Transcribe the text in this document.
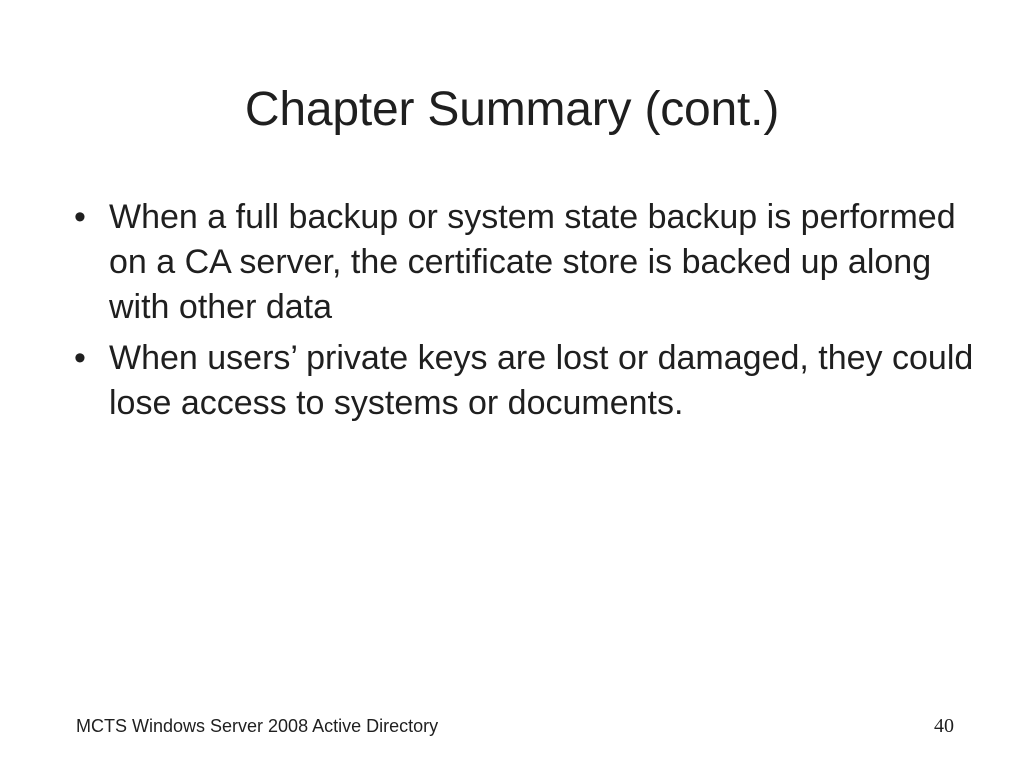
Chapter Summary (cont.)
• When a full backup or system state backup is performed on a CA server, the certificate store is backed up along with other data
• When users’ private keys are lost or damaged, they could lose access to systems or documents.
MCTS Windows Server 2008 Active Directory	40
